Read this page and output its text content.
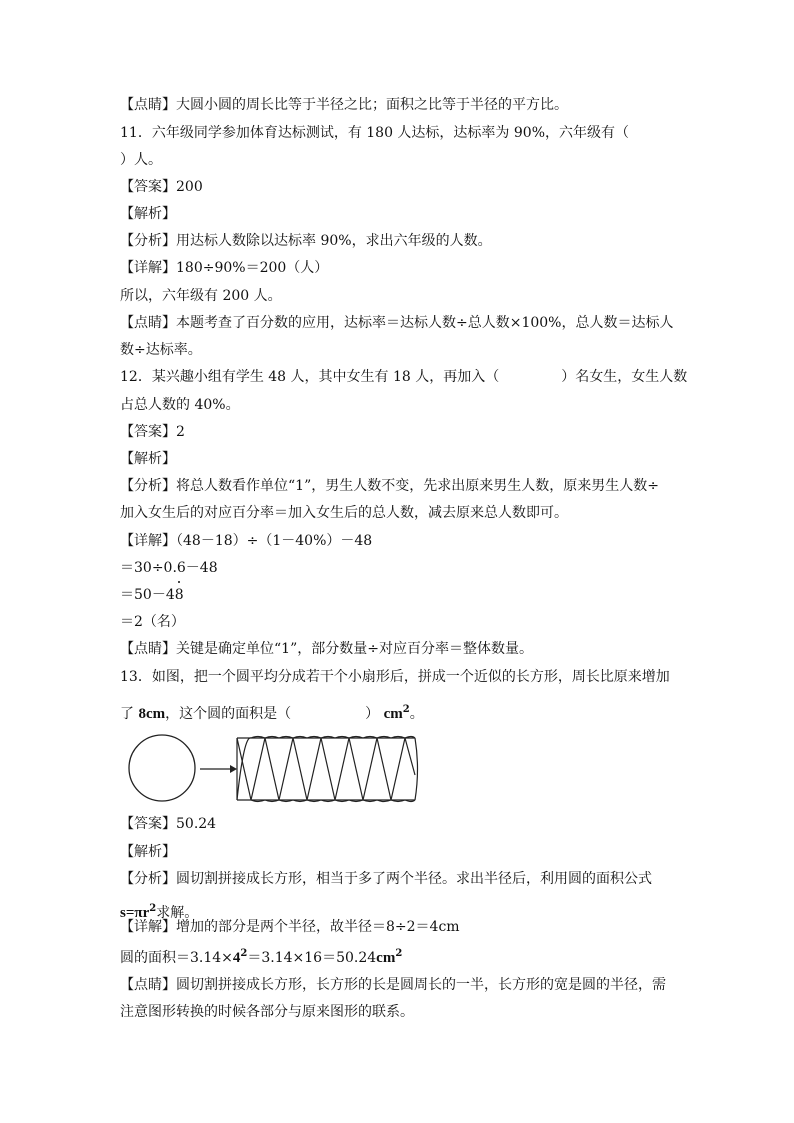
【点睛】大圆小圆的周长比等于半径之比；面积之比等于半径的平方比。
11．六年级同学参加体育达标测试，有 180 人达标，达标率为 90%，六年级有（
）人。
【答案】200
【解析】
【分析】用达标人数除以达标率 90%，求出六年级的人数。
【详解】180÷90%＝200（人）
所以，六年级有 200 人。
【点睛】本题考查了百分数的应用，达标率＝达标人数÷总人数×100%，总人数＝达标人
数÷达标率。
12．某兴趣小组有学生 48 人，其中女生有 18 人，再加入（	）名女生，女生人数
占总人数的 40%。
【答案】2
【解析】
【分析】将总人数看作单位“1”，男生人数不变，先求出原来男生人数，原来男生人数÷
加入女生后的对应百分率＝加入女生后的总人数，减去原来总人数即可。
【详解】（48－18）÷（1－40%）－48
＝30÷0.6－48
＝50－48
＝2（名）
【点睛】关键是确定单位“1”，部分数量÷对应百分率＝整体数量。
13．如图，把一个圆平均分成若干个小扇形后，拼成一个近似的长方形，周长比原来增加
了 8cm，这个圆的面积是（	） $cm^2$。
【答案】50.24
【解析】
【分析】圆切割拼接成长方形，相当于多了两个半径。求出半径后，利用圆的面积公式
$s=\pi r^2$求解。
【详解】增加的部分是两个半径，故半径＝8÷2＝4cm
圆的面积$=3.14\times 4^2=3.14\times 16=50.24cm^2$
【点睛】圆切割拼接成长方形，长方形的长是圆周长的一半，长方形的宽是圆的半径，需
注意图形转换的时候各部分与原来图形的联系。
